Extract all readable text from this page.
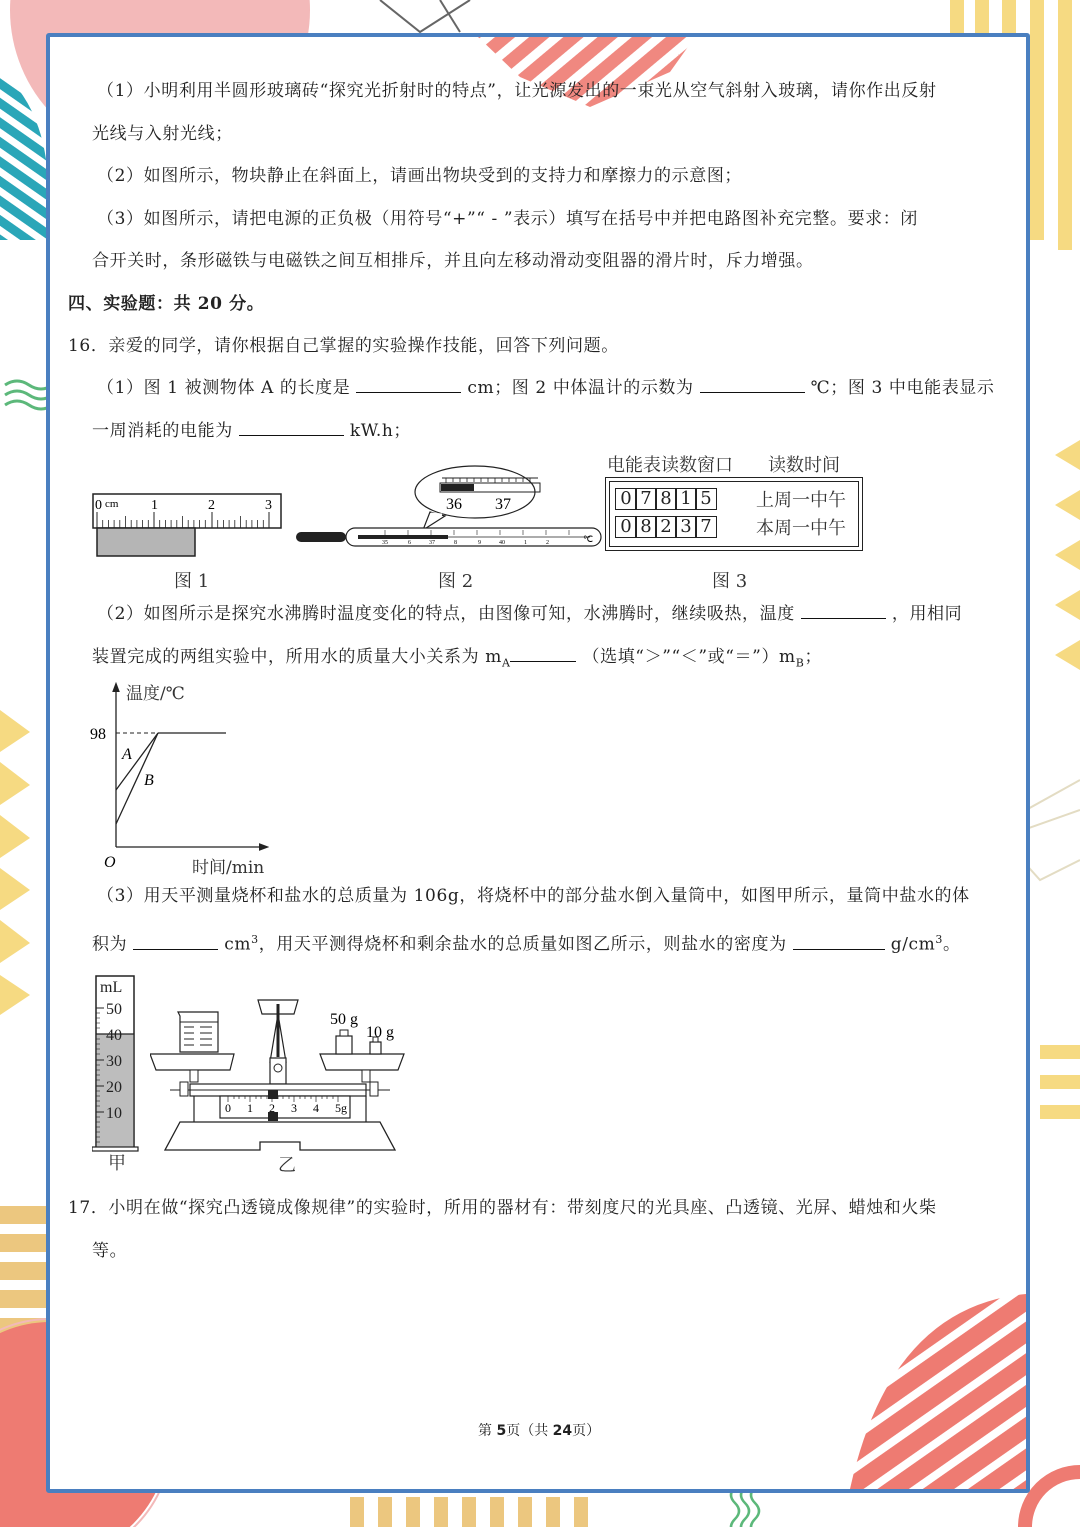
（1）小明利用半圆形玻璃砖“探究光折射时的特点”，让光源发出的一束光从空气斜射入玻璃，请你作出反射
光线与入射光线；
（2）如图所示，物块静止在斜面上，请画出物块受到的支持力和摩擦力的示意图；
（3）如图所示，请把电源的正负极（用符号“+”“ - ”表示）填写在括号中并把电路图补充完整。要求：闭
合开关时，条形磁铁与电磁铁之间互相排斥，并且向左移动滑动变阻器的滑片时，斥力增强。
四、实验题：共 20 分。
16．亲爱的同学，请你根据自己掌握的实验操作技能，回答下列问题。
（1）图 1 被测物体 A 的长度是	cm；图 2 中体温计的示数为	℃；图 3 中电能表显示
一周消耗的电能为	kW.h；
0 cm 1	2	3
图 1
36 37
35	6	37	8	9	40	1	2	℃
图 2
电能表读数窗口 读数时间
0 7 8 1 5 上周一中午
0 8 2 3 7 本周一中午
图 3
（2）如图所示是探究水沸腾时温度变化的特点，由图像可知，水沸腾时，继续吸热，温度	，用相同
装置完成的两组实验中，所用水的质量大小关系为 $m_A$	（选填“＞”“＜”或“$=”)m_B$；
温度/℃
98
A
B
O	时间/min
（3）用天平测量烧杯和盐水的总质量为 106g，将烧杯中的部分盐水倒入量筒中，如图甲所示，量筒中盐水的体
积为	$cm^3$，用天平测得烧杯和剩余盐水的总质量如图乙所示，则盐水的密度为	$g/cm^3$。
mL
50
40
30
20
10
甲
50 g
10 g
0 1 2 3 4 5g
乙
17．小明在做“探究凸透镜成像规律”的实验时，所用的器材有：带刻度尺的光具座、凸透镜、光屏、蜡烛和火柴
等。
第 5页（共 24页）
